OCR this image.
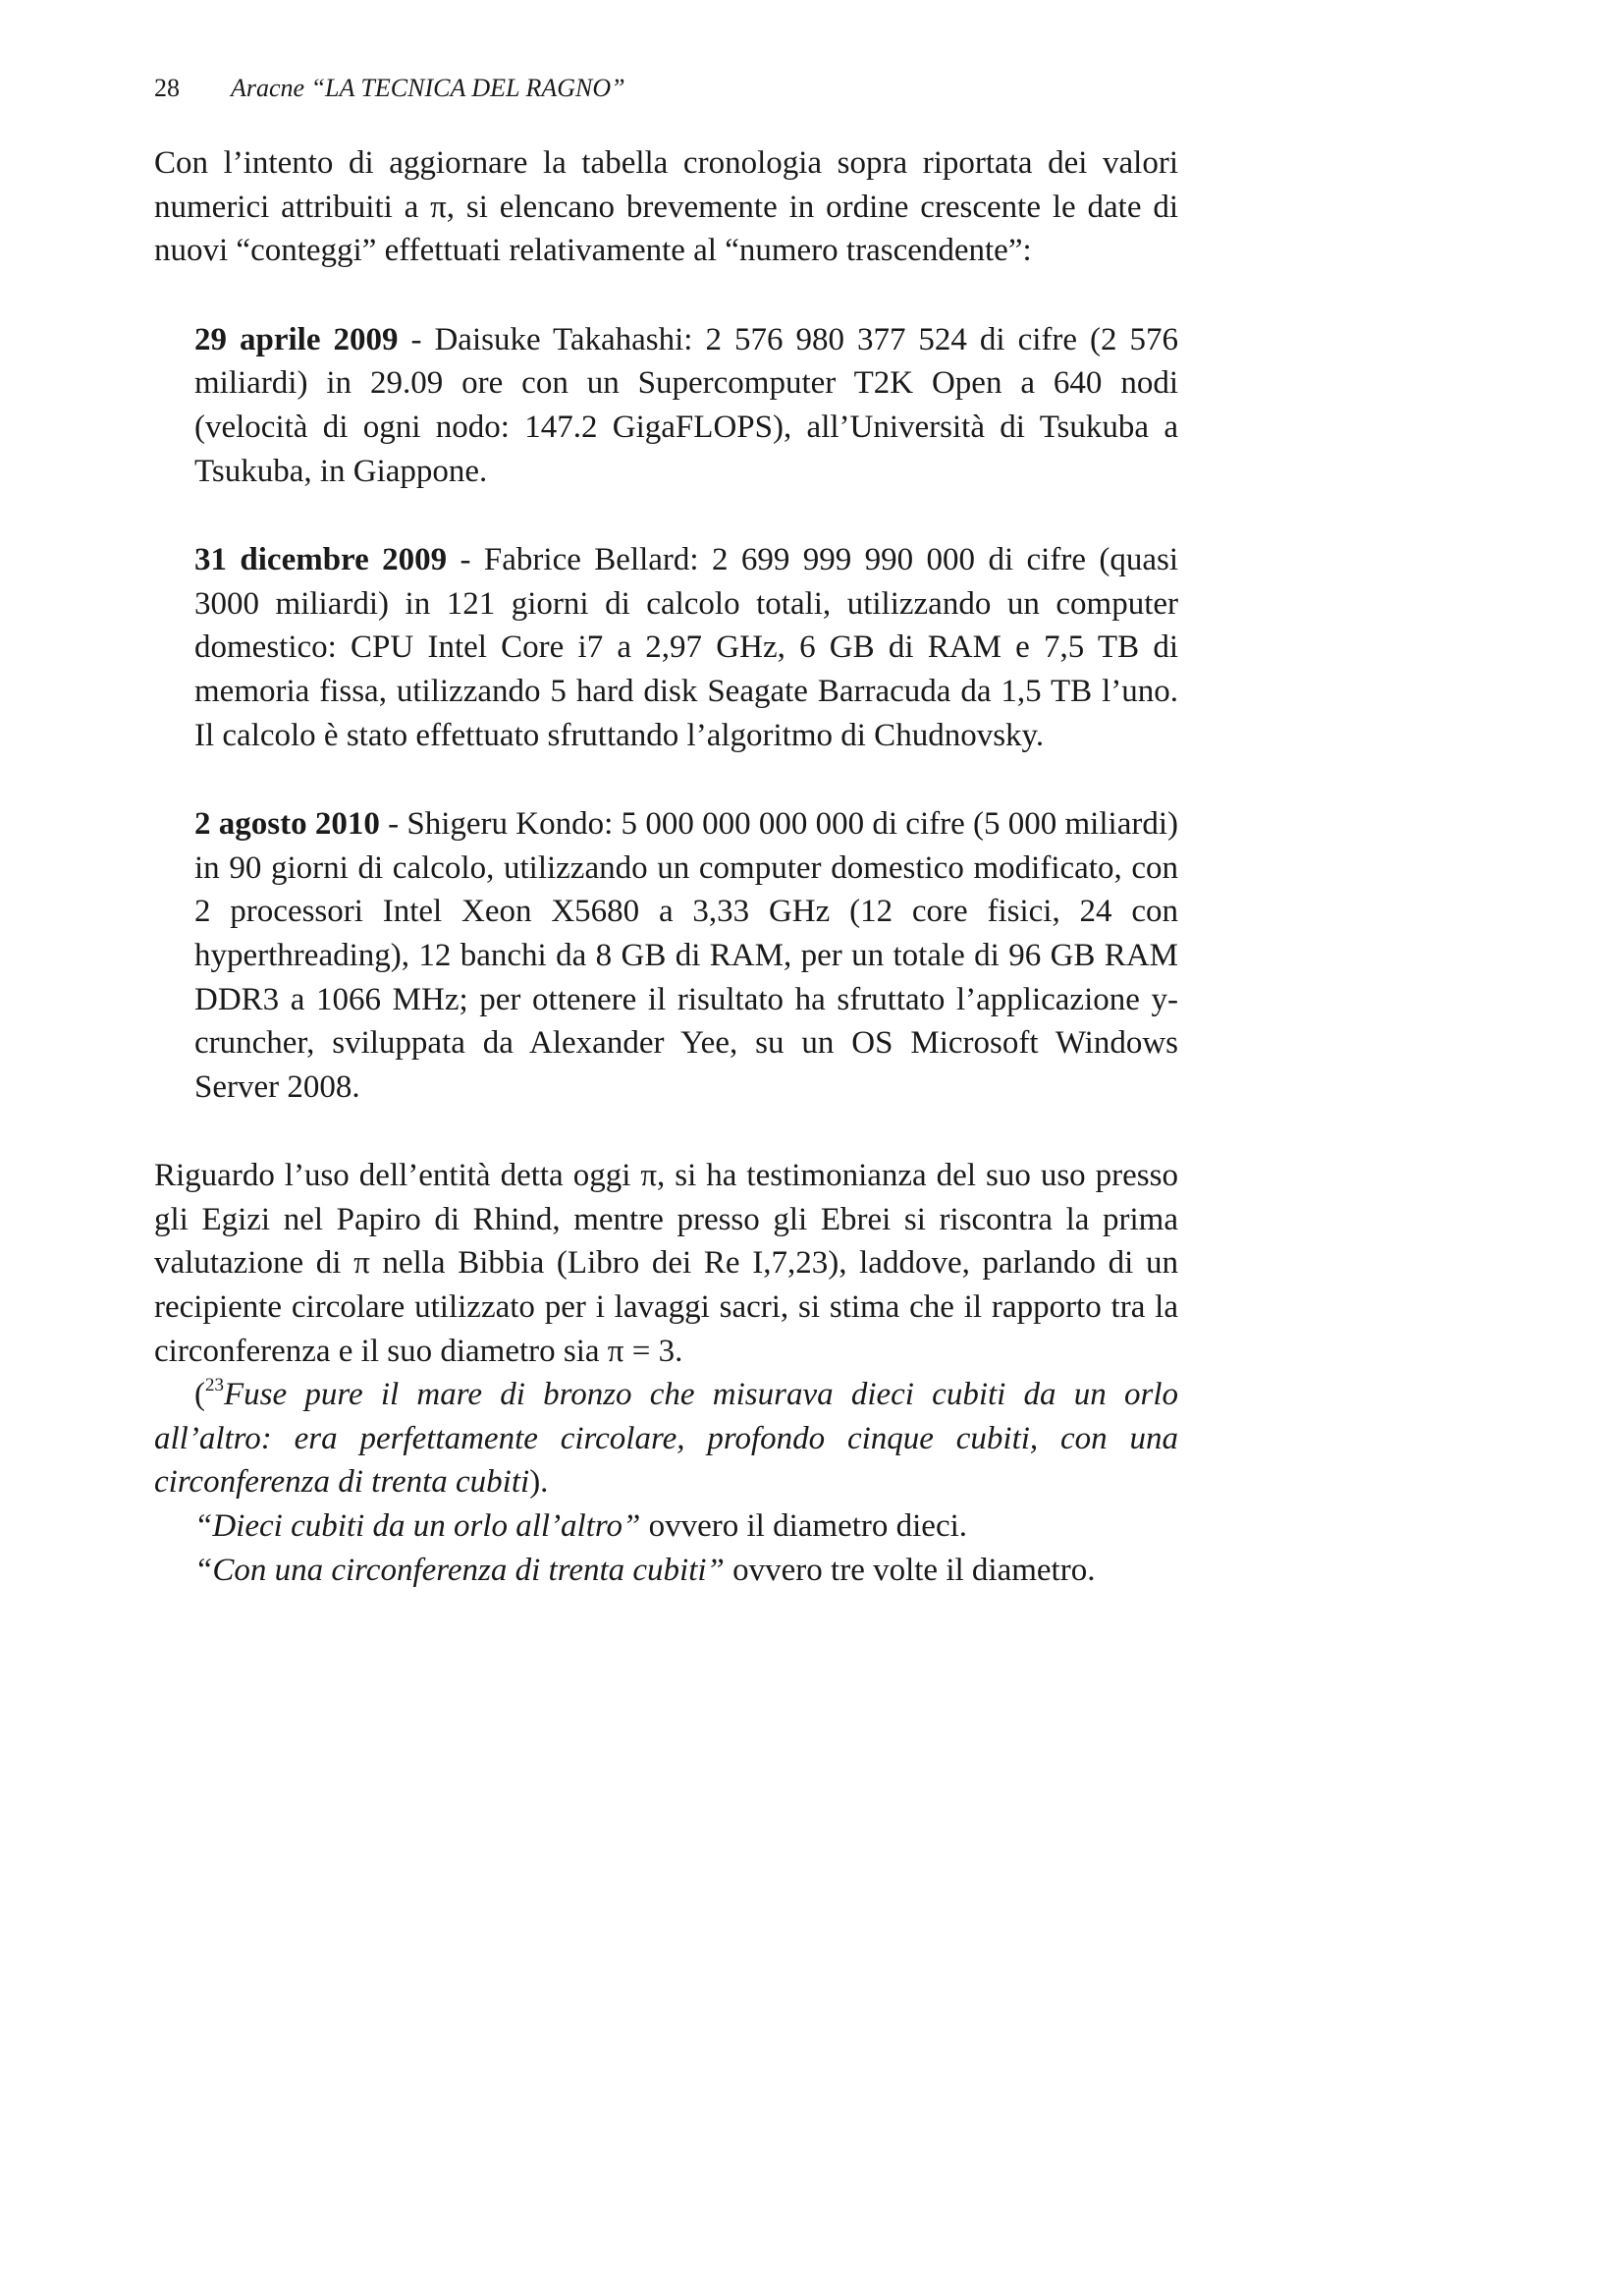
28 Aracne “LA TECNICA DEL RAGNO”

Con l’intento di aggiornare la tabella cronologia sopra riportata dei valori numerici attribuiti a π, si elencano brevemente in ordine crescente le date di nuovi “conteggi” effettuati relativamente al “numero trascendente”:

29 aprile 2009 - Daisuke Takahashi: 2 576 980 377 524 di cifre (2 576 miliardi) in 29.09 ore con un Supercomputer T2K Open a 640 nodi (velocità di ogni nodo: 147.2 GigaFLOPS), all’Università di Tsukuba a Tsukuba, in Giappone.

31 dicembre 2009 - Fabrice Bellard: 2 699 999 990 000 di cifre (quasi 3000 miliardi) in 121 giorni di calcolo totali, utilizzando un computer domestico: CPU Intel Core i7 a 2,97 GHz, 6 GB di RAM e 7,5 TB di memoria fissa, utilizzando 5 hard disk Seagate Barracuda da 1,5 TB l’uno. Il calcolo è stato effettuato sfruttando l’algoritmo di Chudnovsky.

2 agosto 2010 - Shigeru Kondo: 5 000 000 000 000 di cifre (5 000 miliardi) in 90 giorni di calcolo, utilizzando un computer domestico modificato, con 2 processori Intel Xeon X5680 a 3,33 GHz (12 core fisici, 24 con hyperthreading), 12 banchi da 8 GB di RAM, per un totale di 96 GB RAM DDR3 a 1066 MHz; per ottenere il risultato ha sfruttato l’applicazione y-cruncher, sviluppata da Alexander Yee, su un OS Microsoft Windows Server 2008.

Riguardo l’uso dell’entità detta oggi π, si ha testimonianza del suo uso presso gli Egizi nel Papiro di Rhind, mentre presso gli Ebrei si riscontra la prima valutazione di π nella Bibbia (Libro dei Re I,7,23), laddove, parlando di un recipiente circolare utilizzato per i lavaggi sacri, si stima che il rapporto tra la circonferenza e il suo diametro sia π = 3.

($^{23}$Fuse pure il mare di bronzo che misurava dieci cubiti da un orlo all’altro: era perfettamente circolare, profondo cinque cubiti, con una circonferenza di trenta cubiti).

“Dieci cubiti da un orlo all’altro” ovvero il diametro dieci.

“Con una circonferenza di trenta cubiti” ovvero tre volte il diametro.
